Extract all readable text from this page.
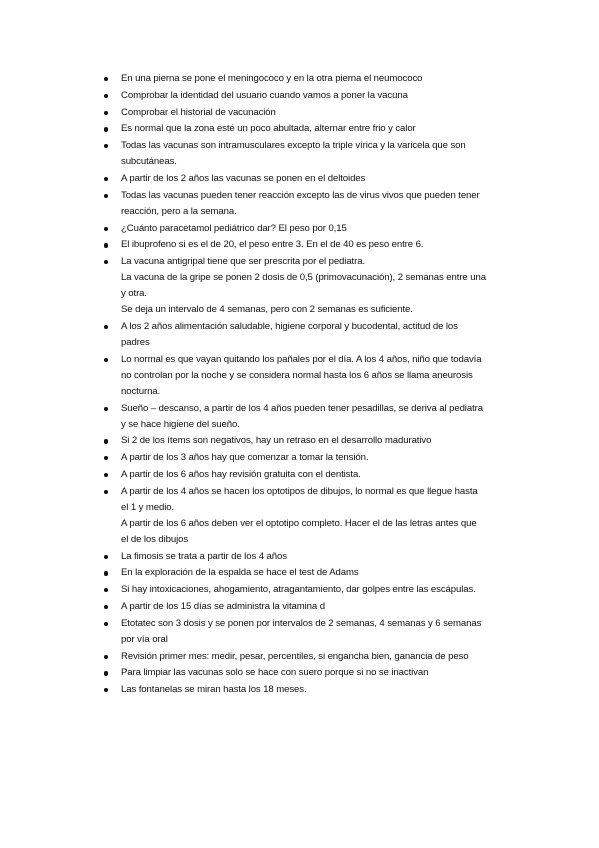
En una pierna se pone el meningococo y en la otra pierna el neumococo
Comprobar la identidad del usuario cuando vamos a poner la vacuna
Comprobar el historial de vacunación
Es normal que la zona esté un poco abultada, alternar entre frio y calor
Todas las vacunas son intramusculares excepto la triple vírica y la varicela que son
subcutáneas.
A partir de los 2 años las vacunas se ponen en el deltoides
Todas las vacunas pueden tener reacción excepto las de virus vivos que pueden tener
reacción, pero a la semana.
¿Cuánto paracetamol pediátrico dar? El peso por 0,15
El ibuprofeno si es el de 20, el peso entre 3. En el de 40 es peso entre 6.
La vacuna antigripal tiene que ser prescrita por el pediatra.
La vacuna de la gripe se ponen 2 dosis de 0,5 (primovacunación), 2 semanas entre una
y otra.
Se deja un intervalo de 4 semanas, pero con 2 semanas es suficiente.
A los 2 años alimentación saludable, higiene corporal y bucodental, actitud de los
padres
Lo normal es que vayan quitando los pañales por el día. A los 4 años, niño que todavía
no controlan por la noche y se considera normal hasta los 6 años se llama aneurosis
nocturna.
Sueño – descanso, a partir de los 4 años pueden tener pesadillas, se deriva al pediatra
y se hace higiene del sueño.
Si 2 de los ítems son negativos, hay un retraso en el desarrollo madurativo
A partir de los 3 años hay que comenzar a tomar la tensión.
A partir de los 6 años hay revisión gratuita con el dentista.
A partir de los 4 años se hacen los optotipos de dibujos, lo normal es que llegue hasta
el 1 y medio.
A partir de los 6 años deben ver el optotipo completo. Hacer el de las letras antes que
el de los dibujos
La fimosis se trata a partir de los 4 años
En la exploración de la espalda se hace el test de Adams
Si hay intoxicaciones, ahogamiento, atragantamiento, dar golpes entre las escápulas.
A partir de los 15 días se administra la vitamina d
Etotatec son 3 dosis y se ponen por intervalos de 2 semanas, 4 semanas y 6 semanas
por vía oral
Revisión primer mes: medir, pesar, percentiles, si engancha bien, ganancia de peso
Para limpiar las vacunas solo se hace con suero porque si no se inactivan
Las fontanelas se miran hasta los 18 meses.
